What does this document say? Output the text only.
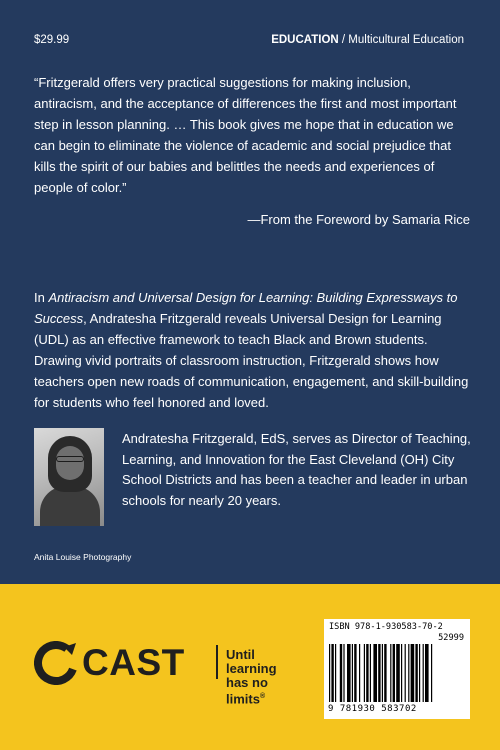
$29.99	EDUCATION / Multicultural Education
“Fritzgerald offers very practical suggestions for making inclusion, antiracism, and the acceptance of differences the first and most important step in lesson planning. … This book gives me hope that in education we can begin to eliminate the violence of academic and social prejudice that kills the spirit of our babies and belittles the needs and experiences of people of color.”
—From the Foreword by Samaria Rice
In Antiracism and Universal Design for Learning: Building Expressways to Success, Andratesha Fritzgerald reveals Universal Design for Learning (UDL) as an effective framework to teach Black and Brown students. Drawing vivid portraits of classroom instruction, Fritzgerald shows how teachers open new roads of communication, engagement, and skill-building for students who feel honored and loved.
Andratesha Fritzgerald, EdS, serves as Director of Teaching, Learning, and Innovation for the East Cleveland (OH) City School Districts and has been a teacher and leader in urban schools for nearly 20 years.
Anita Louise Photography
CAST	Until learning
has no limits®
ISBN 978-1-930583-70-2
52999
9 781930 583702
